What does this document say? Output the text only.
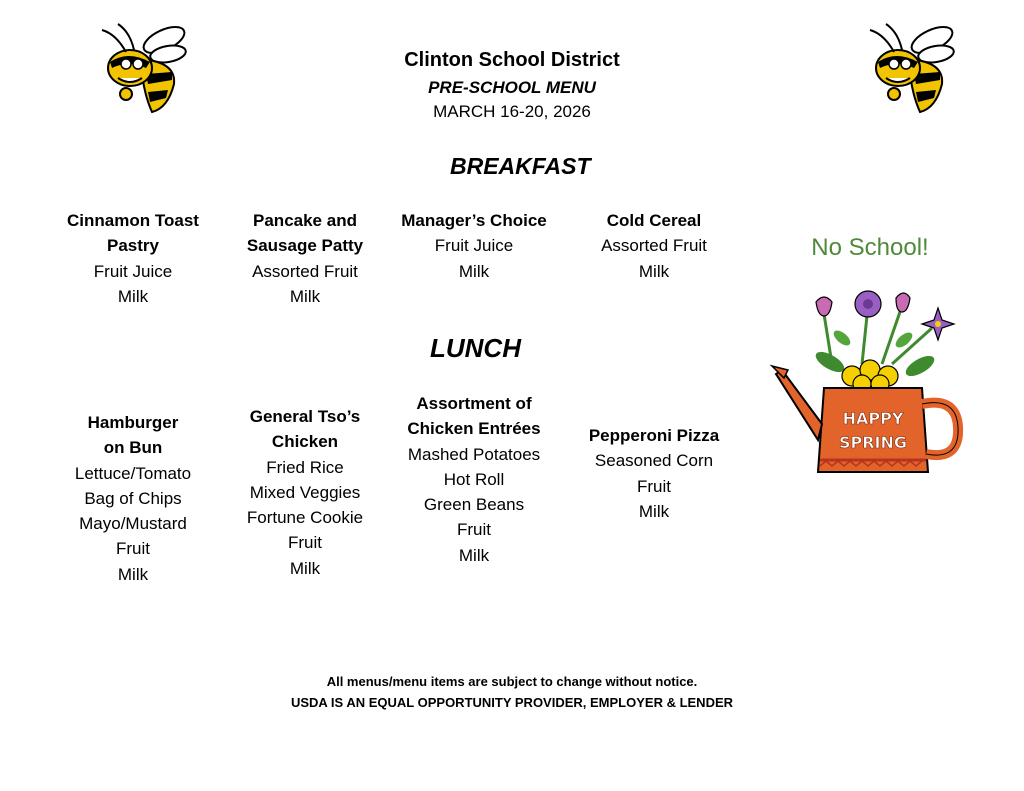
Clinton School District
PRE-SCHOOL MENU
MARCH 16-20, 2026
BREAKFAST
Cinnamon Toast
Pastry
Fruit Juice
Milk
Pancake and
Sausage Patty
Assorted Fruit
Milk
Manager’s Choice
Fruit Juice
Milk
Cold Cereal
Assorted Fruit
Milk
LUNCH
Hamburger
on Bun
Lettuce/Tomato
Bag of Chips
Mayo/Mustard
Fruit
Milk
General Tso’s
Chicken
Fried Rice
Mixed Veggies
Fortune Cookie
Fruit
Milk
Assortment of
Chicken Entrées
Mashed Potatoes
Hot Roll
Green Beans
Fruit
Milk
Pepperoni Pizza
Seasoned Corn
Fruit
Milk
No School!
HAPPY
SPRING
All menus/menu items are subject to change without notice.
USDA IS AN EQUAL OPPORTUNITY PROVIDER, EMPLOYER & LENDER
